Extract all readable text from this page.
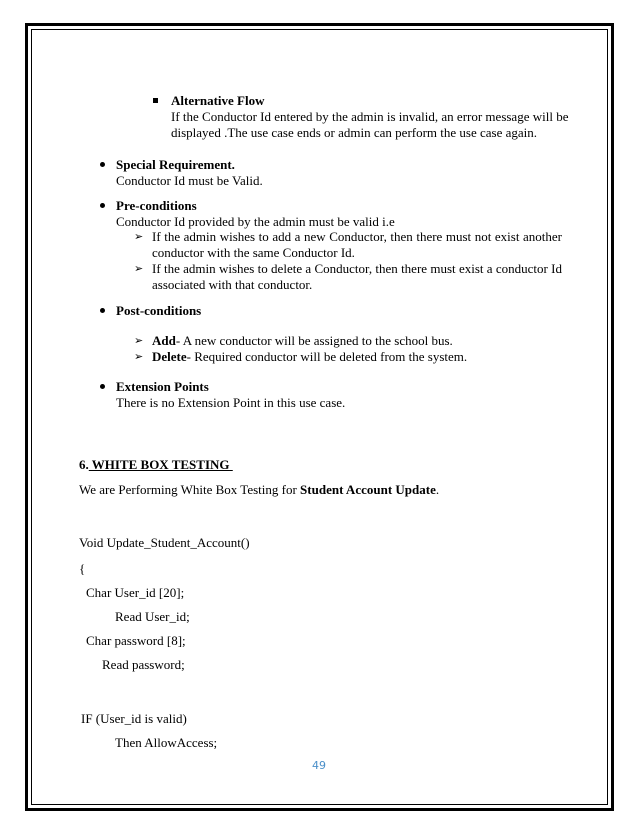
Alternative Flow
If the Conductor Id entered by the admin is invalid, an error message will be
displayed .The use case ends or admin can perform the use case again.
Special Requirement.
Conductor Id must be Valid.
Pre-conditions
Conductor Id provided by the admin must be valid i.e
➢ If the admin wishes to add a new Conductor, then there must not exist another conductor with the same Conductor Id.
➢ If the admin wishes to delete a Conductor, then there must exist a conductor Id associated with that conductor.
Post-conditions
➢ Add- A new conductor will be assigned to the school bus.
➢ Delete- Required conductor will be deleted from the system.
Extension Points
There is no Extension Point in this use case.
6. WHITE BOX TESTING
We are Performing White Box Testing for Student Account Update.
Void Update_Student_Account()
{
Char User_id [20];
Read User_id;
Char password [8];
Read password;
IF (User_id is valid)
Then AllowAccess;
49
